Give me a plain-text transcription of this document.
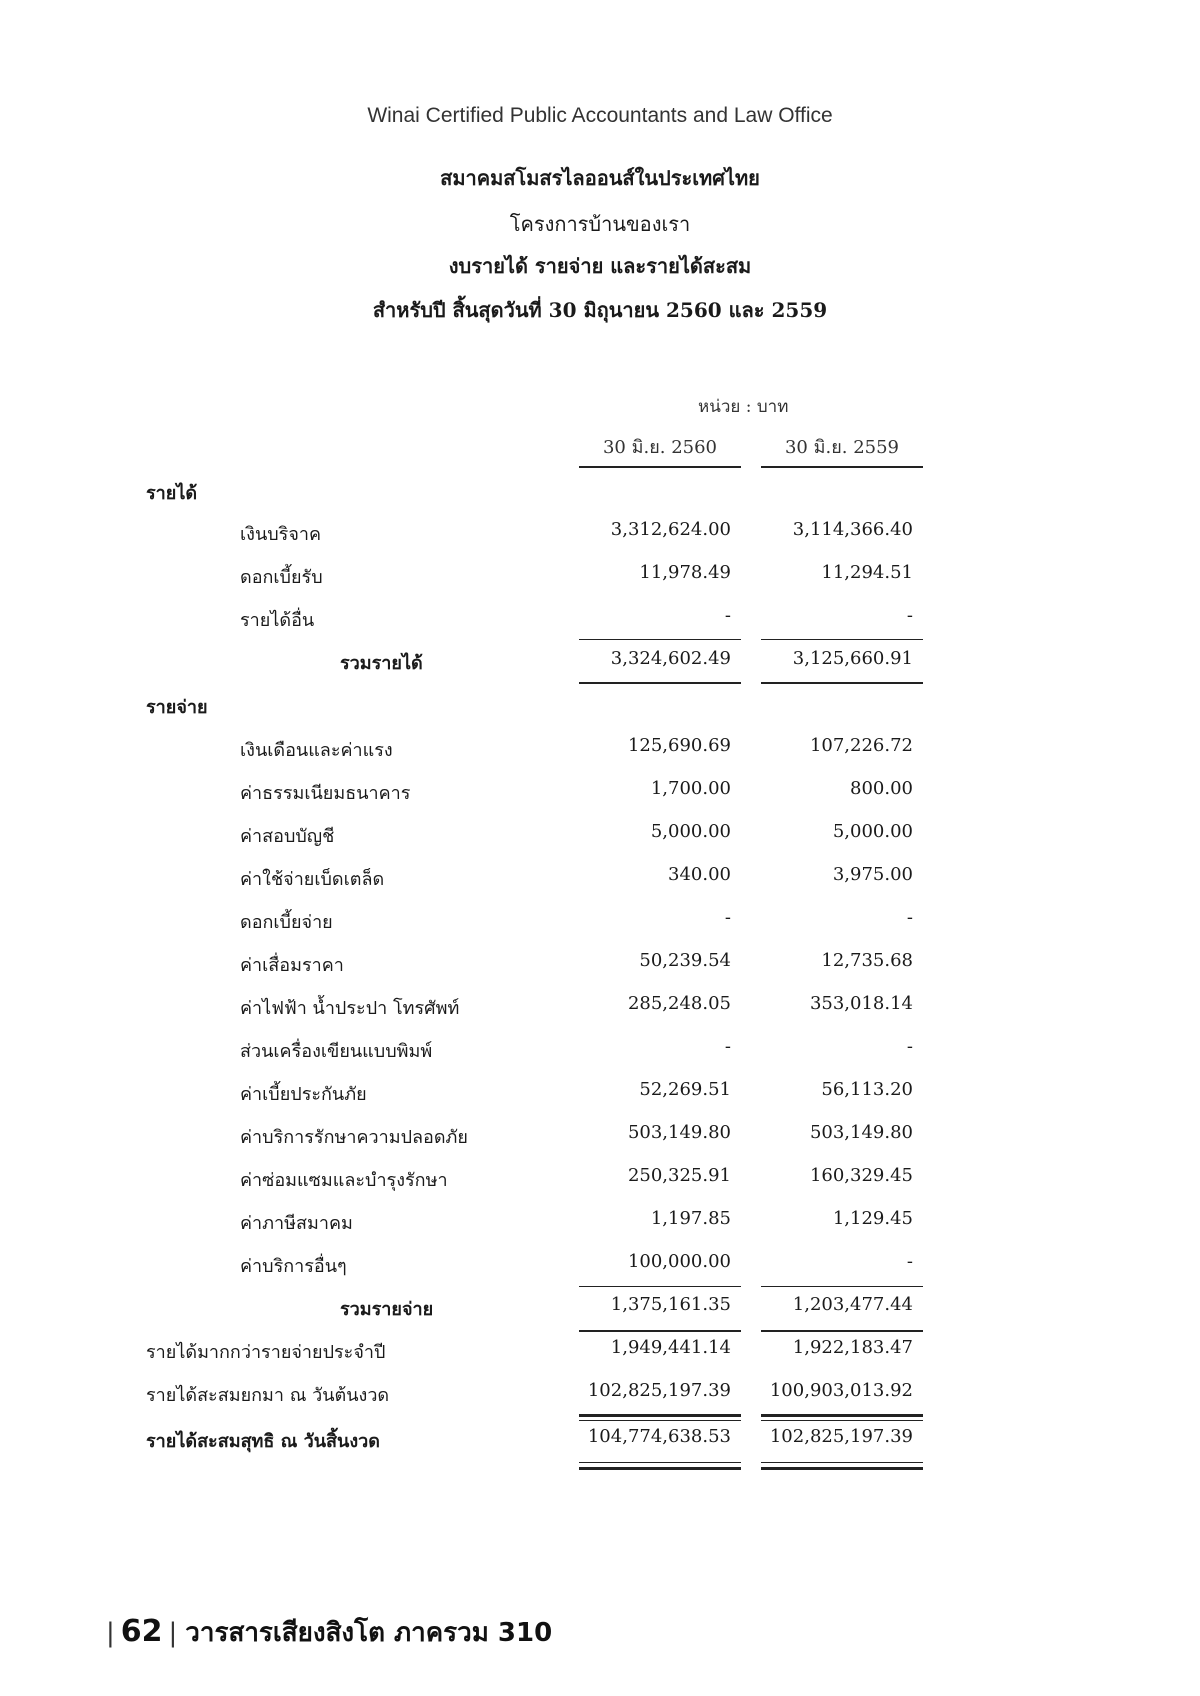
Winai Certified Public Accountants and Law Office
สมาคมสโมสรไลออนส์ในประเทศไทย
โครงการบ้านของเรา
งบรายได้ รายจ่าย และรายได้สะสม
สำหรับปี สิ้นสุดวันที่ 30 มิถุนายน 2560 และ 2559
หน่วย : บาท
30 มิ.ย. 2560	30 มิ.ย. 2559
รายได้
เงินบริจาค	3,312,624.00	3,114,366.40
ดอกเบี้ยรับ	11,978.49	11,294.51
รายได้อื่น	-	-
รวมรายได้	3,324,602.49	3,125,660.91
รายจ่าย
เงินเดือนและค่าแรง	125,690.69	107,226.72
ค่าธรรมเนียมธนาคาร	1,700.00	800.00
ค่าสอบบัญชี	5,000.00	5,000.00
ค่าใช้จ่ายเบ็ดเตล็ด	340.00	3,975.00
ดอกเบี้ยจ่าย	-	-
ค่าเสื่อมราคา	50,239.54	12,735.68
ค่าไฟฟ้า น้ำประปา โทรศัพท์	285,248.05	353,018.14
ส่วนเครื่องเขียนแบบพิมพ์	-	-
ค่าเบี้ยประกันภัย	52,269.51	56,113.20
ค่าบริการรักษาความปลอดภัย	503,149.80	503,149.80
ค่าซ่อมแซมและบำรุงรักษา	250,325.91	160,329.45
ค่าภาษีสมาคม	1,197.85	1,129.45
ค่าบริการอื่นๆ	100,000.00	-
รวมรายจ่าย	1,375,161.35	1,203,477.44
รายได้มากกว่ารายจ่ายประจำปี	1,949,441.14	1,922,183.47
รายได้สะสมยกมา ณ วันต้นงวด	102,825,197.39	100,903,013.92
รายได้สะสมสุทธิ ณ วันสิ้นงวด	104,774,638.53	102,825,197.39
| 62 | วารสารเสียงสิงโต ภาครวม 310
